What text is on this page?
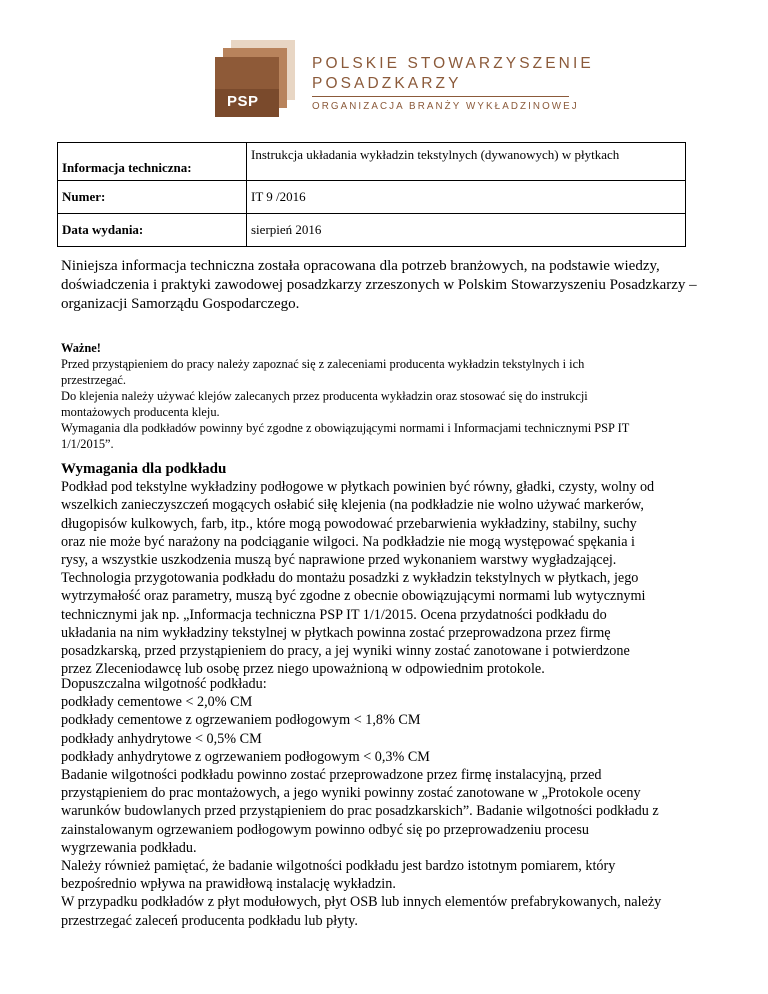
PSP
POLSKIE STOWARZYSZENIE
POSADZKARZY
ORGANIZACJA BRANŻY WYKŁADZINOWEJ
Informacja techniczna:	Instrukcja układania wykładzin tekstylnych (dywanowych) w płytkach
Numer:	IT 9 /2016
Data wydania:	sierpień 2016

Niniejsza informacja techniczna została opracowana dla potrzeb branżowych, na podstawie wiedzy,
doświadczenia i praktyki zawodowej posadzkarzy zrzeszonych w Polskim Stowarzyszeniu Posadzkarzy –
organizacji Samorządu Gospodarczego.

Ważne!
Przed przystąpieniem do pracy należy zapoznać się z zaleceniami producenta wykładzin tekstylnych i ich
przestrzegać.
Do klejenia należy używać klejów zalecanych przez producenta wykładzin oraz stosować się do instrukcji
montażowych producenta kleju.
Wymagania dla podkładów powinny być zgodne z obowiązującymi normami i Informacjami technicznymi PSP IT
1/1/2015”.
Wymagania dla podkładu
Podkład pod tekstylne wykładziny podłogowe w płytkach powinien być równy, gładki, czysty, wolny od
wszelkich zanieczyszczeń mogących osłabić siłę klejenia (na podkładzie nie wolno używać markerów,
długopisów kulkowych, farb, itp., które mogą powodować przebarwienia wykładziny, stabilny, suchy
oraz nie może być narażony na podciąganie wilgoci. Na podkładzie nie mogą występować spękania i
rysy, a wszystkie uszkodzenia muszą być naprawione przed wykonaniem warstwy wygładzającej.
Technologia przygotowania podkładu do montażu posadzki z wykładzin tekstylnych w płytkach, jego
wytrzymałość oraz parametry, muszą być zgodne z obecnie obowiązującymi normami lub wytycznymi
technicznymi jak np. „Informacja techniczna PSP IT 1/1/2015. Ocena przydatności podkładu do
układania na nim wykładziny tekstylnej w płytkach powinna zostać przeprowadzona przez firmę
posadzkarską, przed przystąpieniem do pracy, a jej wyniki winny zostać zanotowane i potwierdzone
przez Zleceniodawcę lub osobę przez niego upoważnioną w odpowiednim protokole.
Dopuszczalna wilgotność podkładu:
podkłady cementowe < 2,0% CM
podkłady cementowe z ogrzewaniem podłogowym < 1,8% CM
podkłady anhydrytowe < 0,5% CM
podkłady anhydrytowe z ogrzewaniem podłogowym < 0,3% CM
Badanie wilgotności podkładu powinno zostać przeprowadzone przez firmę instalacyjną, przed
przystąpieniem do prac montażowych, a jego wyniki powinny zostać zanotowane w „Protokole oceny
warunków budowlanych przed przystąpieniem do prac posadzkarskich”. Badanie wilgotności podkładu z
zainstalowanym ogrzewaniem podłogowym powinno odbyć się po przeprowadzeniu procesu
wygrzewania podkładu.
Należy również pamiętać, że badanie wilgotności podkładu jest bardzo istotnym pomiarem, który
bezpośrednio wpływa na prawidłową instalację wykładzin.
W przypadku podkładów z płyt modułowych, płyt OSB lub innych elementów prefabrykowanych, należy
przestrzegać zaleceń producenta podkładu lub płyty.
